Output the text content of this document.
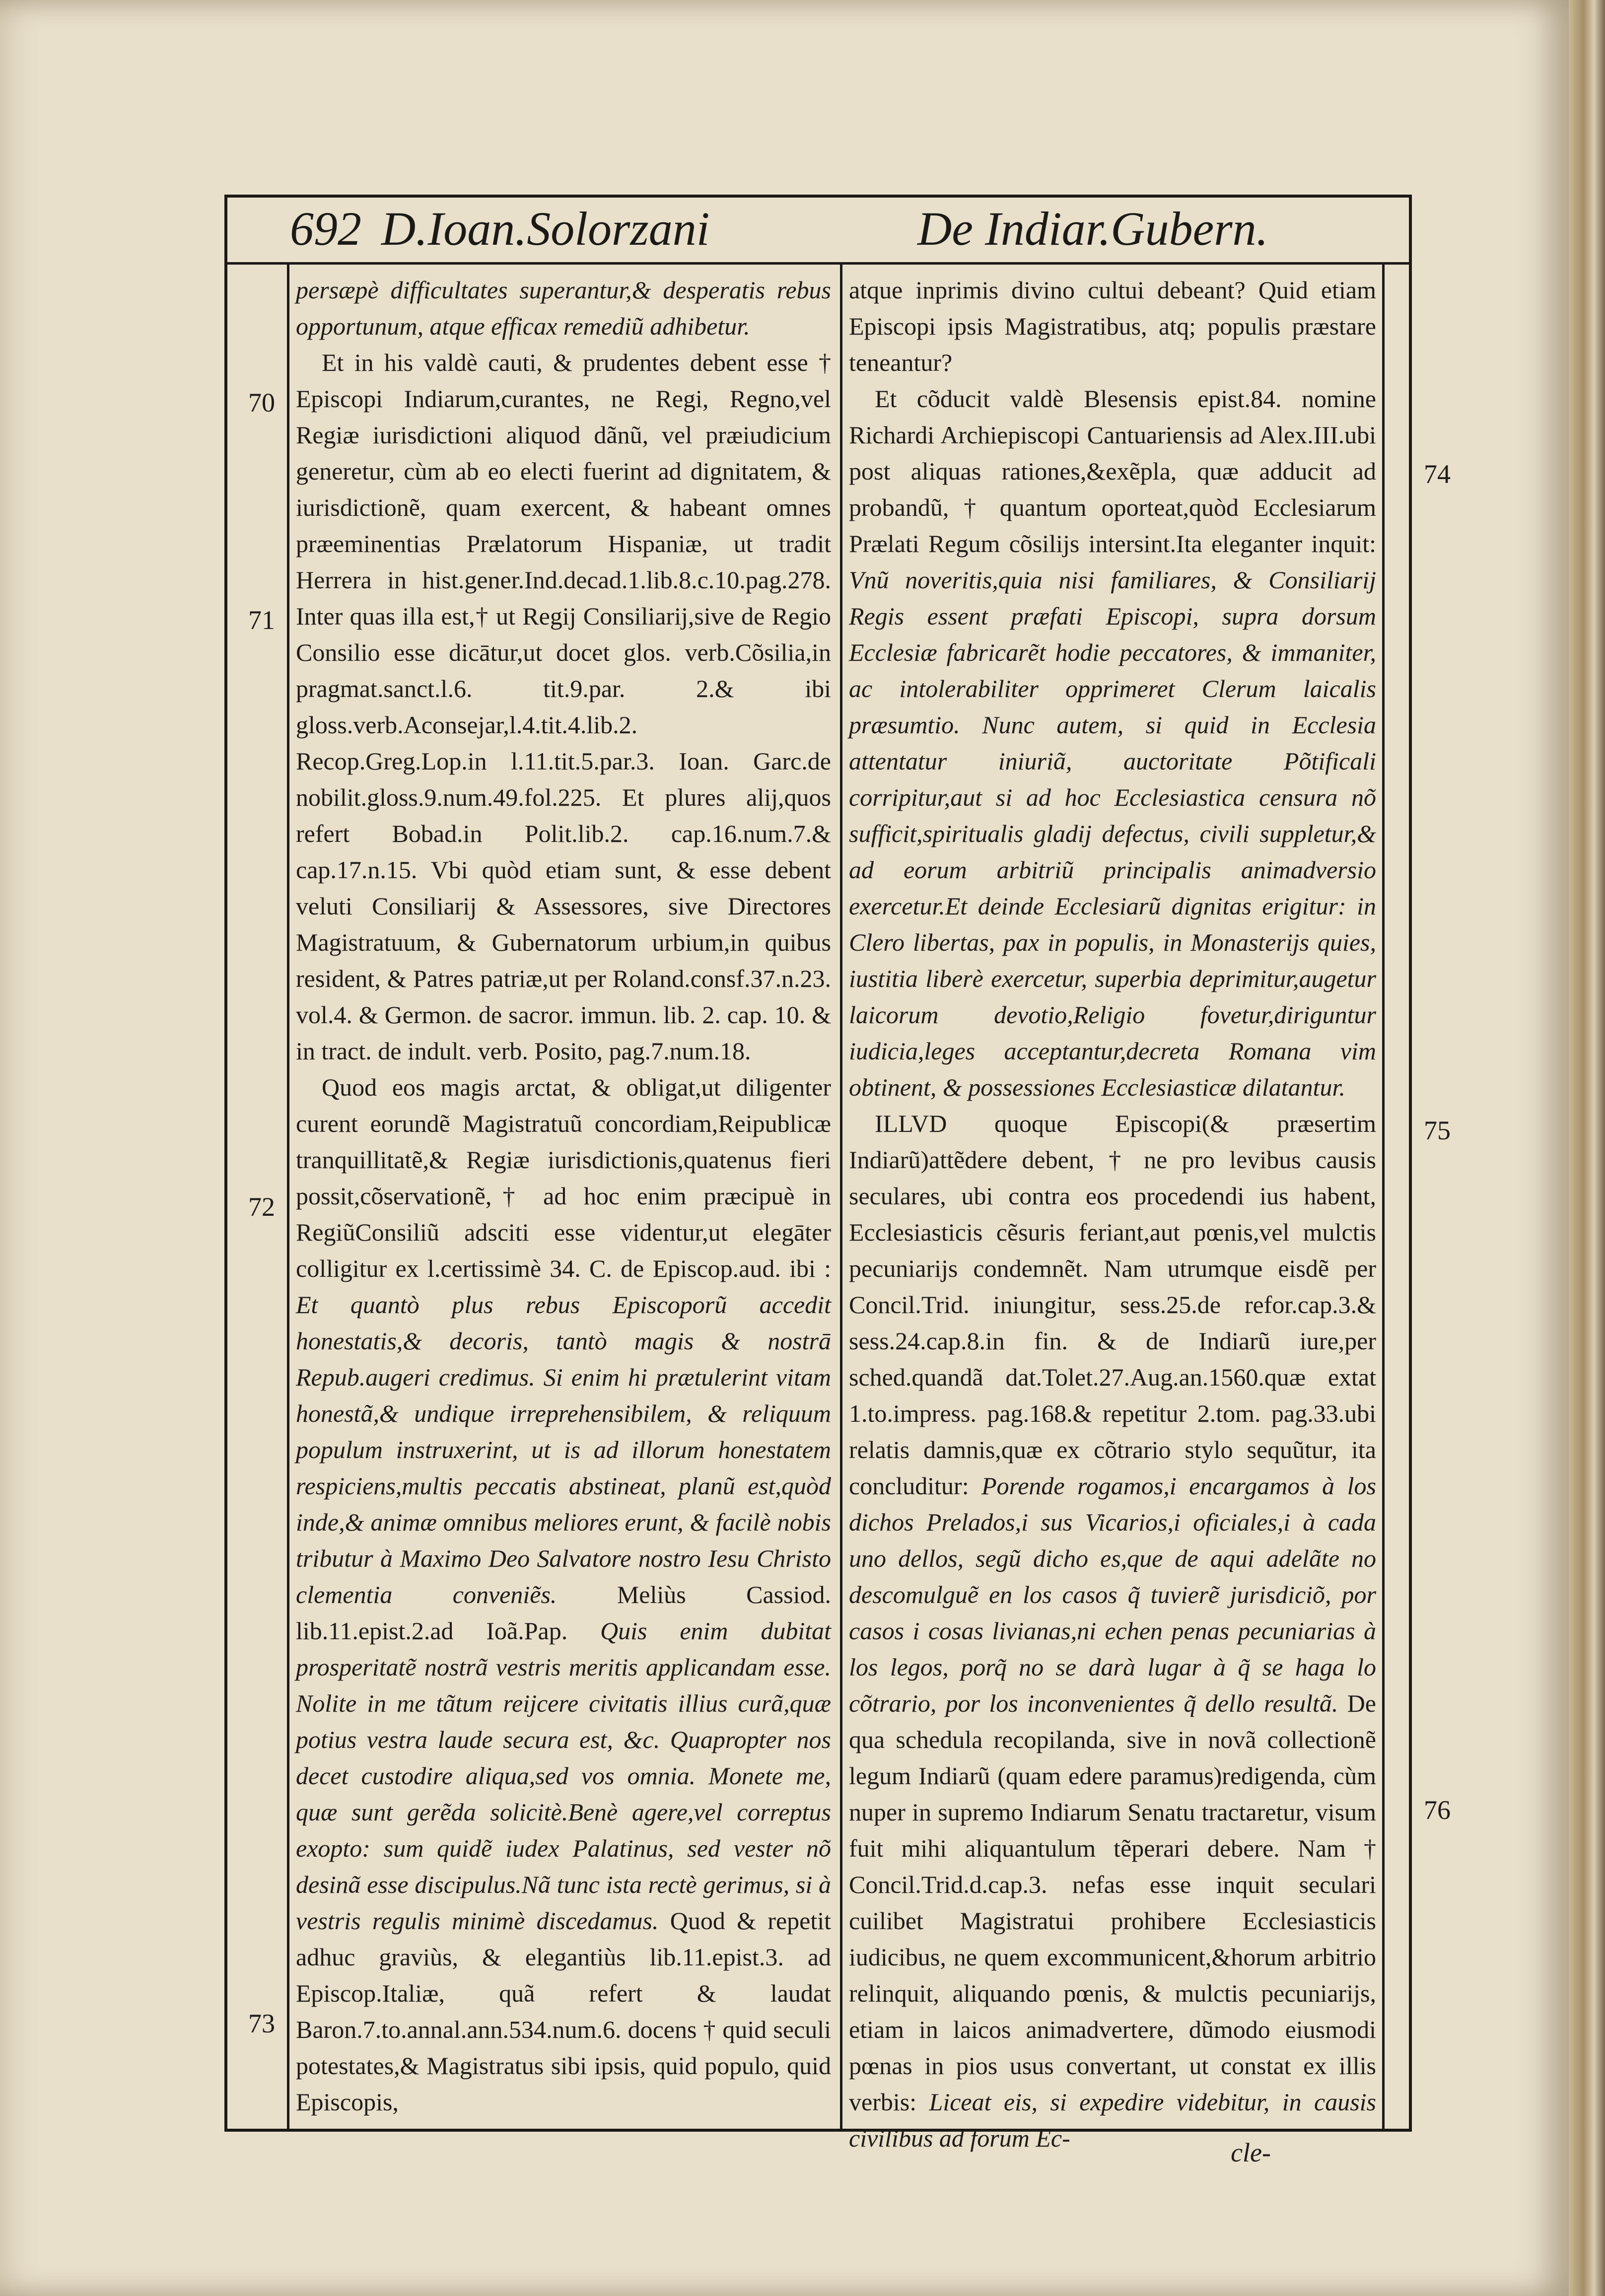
692 D.Ioan.Solorzani	De Indiar.Gubern.

persæpè difficultates superantur,& desperatis rebus opportunum, atque efficax remediũ adhibetur.

Et in his valdè cauti, & prudentes debent esse † Episcopi Indiarum,curantes, ne Regi, Regno,vel Regiæ iurisdictioni aliquod dãnũ, vel præiudicium generetur, cùm ab eo electi fuerint ad dignitatem, & iurisdictionẽ, quam exercent, & habeant omnes præeminentias Prælatorum Hispaniæ, ut tradit Herrera in hist.gener.Ind.decad.1.lib.8.c.10.pag.278. Inter quas illa est,† ut Regij Consiliarij,sive de Regio Consilio esse dicātur,ut docet glos. verb.Cõsilia,in pragmat.sanct.l.6. tit.9.par. 2.& ibi gloss.verb.Aconsejar,l.4.tit.4.lib.2. Recop.Greg.Lop.in l.11.tit.5.par.3. Ioan. Garc.de nobilit.gloss.9.num.49.fol.225. Et plures alij,quos refert Bobad.in Polit.lib.2. cap.16.num.7.& cap.17.n.15. Vbi quòd etiam sunt, & esse debent veluti Consiliarij & Assessores, sive Directores Magistratuum, & Gubernatorum urbium,in quibus resident, & Patres patriæ,ut per Roland.consf.37.n.23. vol.4. & Germon. de sacror. immun. lib. 2. cap. 10. & in tract. de indult. verb. Posito, pag.7.num.18.

Quod eos magis arctat, & obligat,ut diligenter curent eorundẽ Magistratuũ concordiam,Reipublicæ tranquillitatẽ,& Regiæ iurisdictionis,quatenus fieri possit,cõservationẽ,† ad hoc enim præcipuè in RegiũConsiliũ adsciti esse videntur,ut elegāter colligitur ex l.certissimè 34. C. de Episcop.aud. ibi : Et quantò plus rebus Episcoporũ accedit honestatis,& decoris, tantò magis & nostrā Repub.augeri credimus. Si enim hi prætulerint vitam honestã,& undique irreprehensibilem, & reliquum populum instruxerint, ut is ad illorum honestatem respiciens,multis peccatis abstineat, planũ est,quòd inde,& animæ omnibus meliores erunt, & facilè nobis tributur à Maximo Deo Salvatore nostro Iesu Christo clementia conveniẽs. Meliùs Cassiod. lib.11.epist.2.ad Ioã.Pap. Quis enim dubitat prosperitatẽ nostrã vestris meritis applicandam esse. Nolite in me tãtum reijcere civitatis illius curã,quæ potius vestra laude secura est, &c. Quapropter nos decet custodire aliqua,sed vos omnia. Monete me, quæ sunt gerẽda solicitè.Benè agere,vel correptus exopto: sum quidẽ iudex Palatinus, sed vester nõ desinã esse discipulus.Nã tunc ista rectè gerimus, si à vestris regulis minimè discedamus. Quod & repetit adhuc graviùs, & elegantiùs lib.11.epist.3. ad Episcop.Italiæ, quã refert & laudat Baron.7.to.annal.ann.534.num.6. docens † quid seculi potestates,& Magistratus sibi ipsis, quid populo, quid Episcopis,

atque inprimis divino cultui debeant? Quid etiam Episcopi ipsis Magistratibus, atq; populis præstare teneantur?

Et cõducit valdè Blesensis epist.84. nomine Richardi Archiepiscopi Cantuariensis ad Alex.III.ubi post aliquas rationes,&exẽpla, quæ adducit ad probandũ, † quantum oporteat,quòd Ecclesiarum Prælati Regum cõsilijs intersint.Ita eleganter inquit: Vnũ noveritis,quia nisi familiares, & Consiliarij Regis essent præfati Episcopi, supra dorsum Ecclesiæ fabricarẽt hodie peccatores, & immaniter, ac intolerabiliter opprimeret Clerum laicalis præsumtio. Nunc autem, si quid in Ecclesia attentatur iniuriã, auctoritate Põtificali corripitur,aut si ad hoc Ecclesiastica censura nõ sufficit,spiritualis gladij defectus, civili suppletur,& ad eorum arbitriũ principalis animadversio exercetur.Et deinde Ecclesiarũ dignitas erigitur: in Clero libertas, pax in populis, in Monasterijs quies, iustitia liberè exercetur, superbia deprimitur,augetur laicorum devotio,Religio fovetur,diriguntur iudicia,leges acceptantur,decreta Romana vim obtinent, & possessiones Ecclesiasticæ dilatantur.

ILLVD quoque Episcopi(& præsertim Indiarũ)attẽdere debent, † ne pro levibus causis seculares, ubi contra eos procedendi ius habent, Ecclesiasticis cẽsuris feriant,aut pœnis,vel mulctis pecuniarijs condemnẽt. Nam utrumque eisdẽ per Concil.Trid. iniungitur, sess.25.de refor.cap.3.& sess.24.cap.8.in fin. & de Indiarũ iure,per sched.quandã dat.Tolet.27.Aug.an.1560.quæ extat 1.to.impress. pag.168.& repetitur 2.tom. pag.33.ubi relatis damnis,quæ ex cõtrario stylo sequũtur, ita concluditur: Porende rogamos,i encargamos à los dichos Prelados,i sus Vicarios,i oficiales,i à cada uno dellos, segũ dicho es,que de aqui adelãte no descomulguẽ en los casos q̃ tuvierẽ jurisdiciõ, por casos i cosas livianas,ni echen penas pecuniarias à los legos, porq̃ no se darà lugar à q̃ se haga lo cõtrario, por los inconvenientes q̃ dello resultã. De qua schedula recopilanda, sive in novã collectionẽ legum Indiarũ (quam edere paramus)redigenda, cùm nuper in supremo Indiarum Senatu tractaretur, visum fuit mihi aliquantulum tẽperari debere. Nam † Concil.Trid.d.cap.3. nefas esse inquit seculari cuilibet Magistratui prohibere Ecclesiasticis iudicibus, ne quem excommunicent,&horum arbitrio relinquit, aliquando pœnis, & mulctis pecuniarijs, etiam in laicos animadvertere, dũmodo eiusmodi pœnas in pios usus convertant, ut constat ex illis verbis: Liceat eis, si expedire videbitur, in causis civilibus ad forum Ec-

70
71
72
73
74
75
76
cle-
